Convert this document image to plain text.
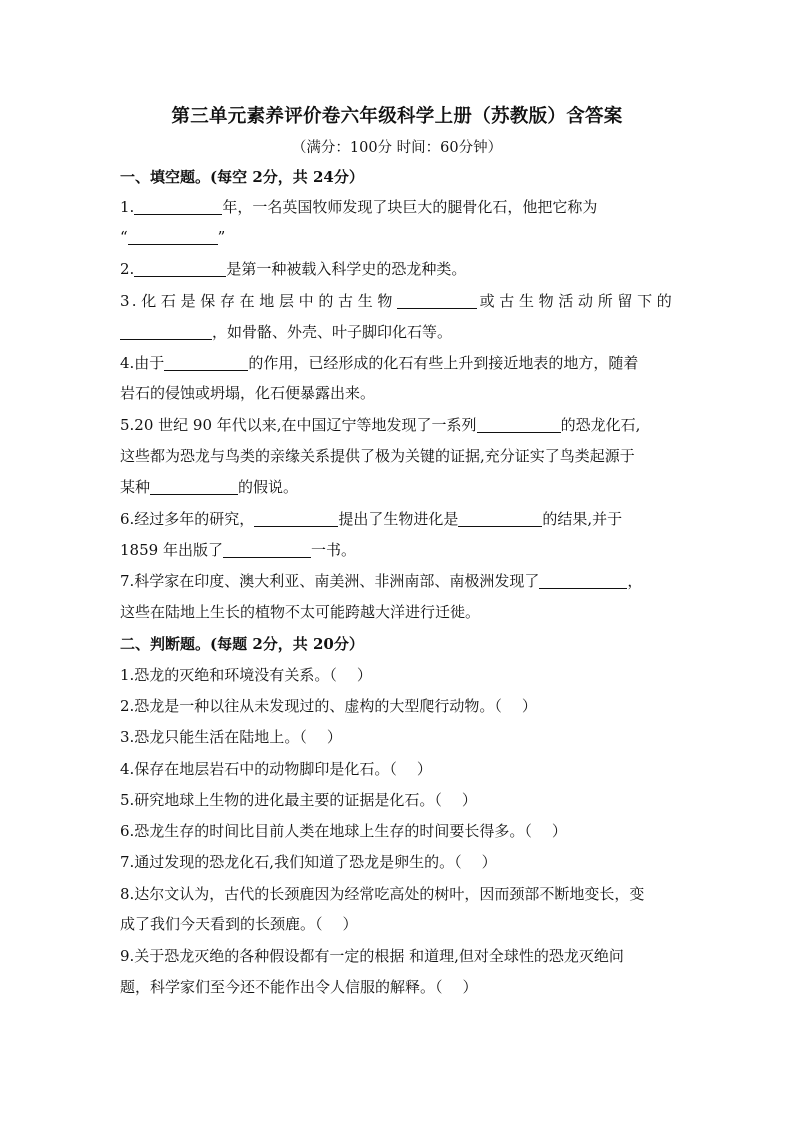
第三单元素养评价卷六年级科学上册（苏教版）含答案
（满分：100分 时间：60分钟）
一、填空题。(每空 2分，共 24分）
1.	年，一名英国牧师发现了块巨大的腿骨化石，他把它称为
“	”
2.	是第一种被载入科学史的恐龙种类。
3.化石是保存在地层中的古生物	或古生物活动所留下的
，如骨骼、外壳、叶子脚印化石等。
4.由于	的作用，已经形成的化石有些上升到接近地表的地方，随着
岩石的侵蚀或坍塌，化石便暴露出来。
5.20 世纪 90 年代以来,在中国辽宁等地发现了一系列	的恐龙化石,
这些都为恐龙与鸟类的亲缘关系提供了极为关键的证据,充分证实了鸟类起源于
某种	的假说。
6.经过多年的研究，	提出了生物进化是	的结果,并于
1859 年出版了	一书。
7.科学家在印度、澳大利亚、南美洲、非洲南部、南极洲发现了	，
这些在陆地上生长的植物不太可能跨越大洋进行迁徙。
二、判断题。(每题 2分，共 20分）
1.恐龙的灭绝和环境没有关系。（ ）
2.恐龙是一种以往从未发现过的、虚构的大型爬行动物。（ ）
3.恐龙只能生活在陆地上。（ ）
4.保存在地层岩石中的动物脚印是化石。（ ）
5.研究地球上生物的进化最主要的证据是化石。（ ）
6.恐龙生存的时间比目前人类在地球上生存的时间要长得多。（ ）
7.通过发现的恐龙化石,我们知道了恐龙是卵生的。（ ）
8.达尔文认为，古代的长颈鹿因为经常吃高处的树叶，因而颈部不断地变长，变
成了我们今天看到的长颈鹿。（ ）
9.关于恐龙灭绝的各种假设都有一定的根据 和道理,但对全球性的恐龙灭绝问
题，科学家们至今还不能作出令人信服的解释。（ ）
